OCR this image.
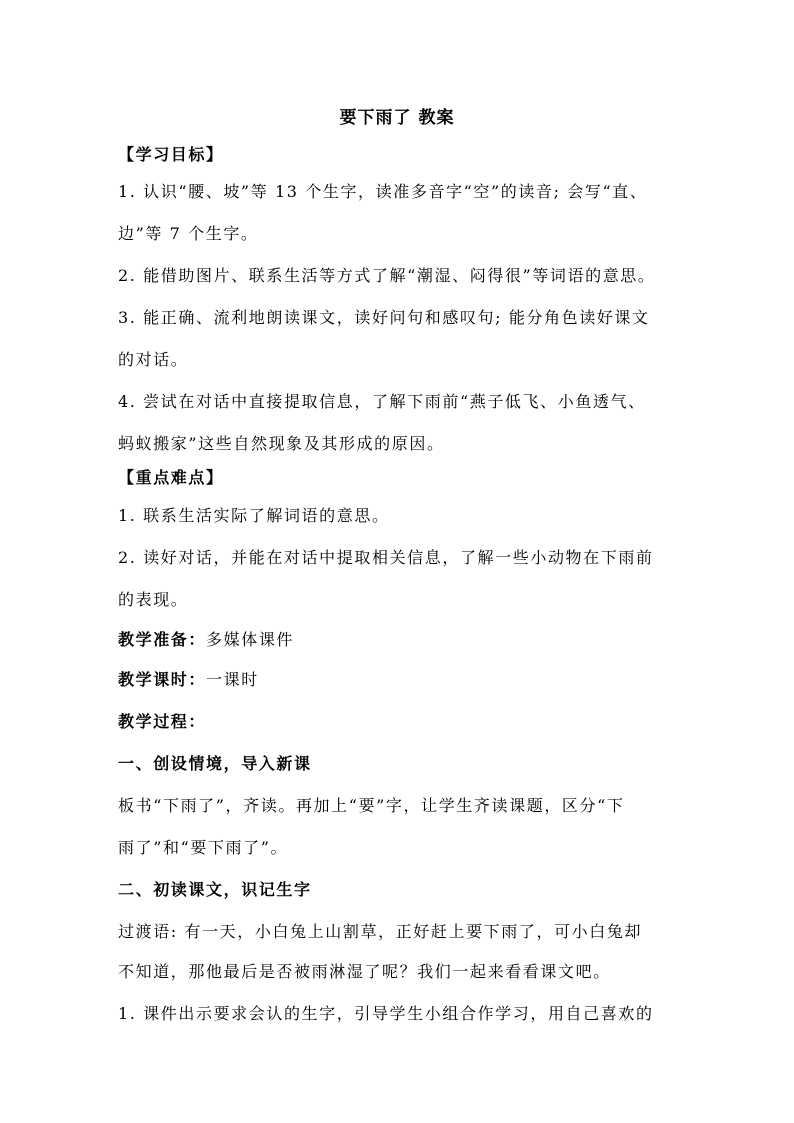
要下雨了 教案
【学习目标】
1. 认识“腰、坡”等 13 个生字，读准多音字“空”的读音; 会写“直、
边”等 7 个生字。
2. 能借助图片、联系生活等方式了解“潮湿、闷得很”等词语的意思。
3. 能正确、流利地朗读课文，读好问句和感叹句; 能分角色读好课文
的对话。
4. 尝试在对话中直接提取信息，了解下雨前“燕子低飞、小鱼透气、
蚂蚁搬家”这些自然现象及其形成的原因。
【重点难点】
1. 联系生活实际了解词语的意思。
2. 读好对话，并能在对话中提取相关信息，了解一些小动物在下雨前
的表现。
教学准备：多媒体课件
教学课时：一课时
教学过程：
一、创设情境，导入新课
板书“下雨了”，齐读。再加上“要”字，让学生齐读课题，区分“下
雨了”和“要下雨了”。
二、初读课文，识记生字
过渡语: 有一天，小白兔上山割草，正好赶上要下雨了，可小白兔却
不知道，那他最后是否被雨淋湿了呢？我们一起来看看课文吧。
1. 课件出示要求会认的生字，引导学生小组合作学习，用自己喜欢的
